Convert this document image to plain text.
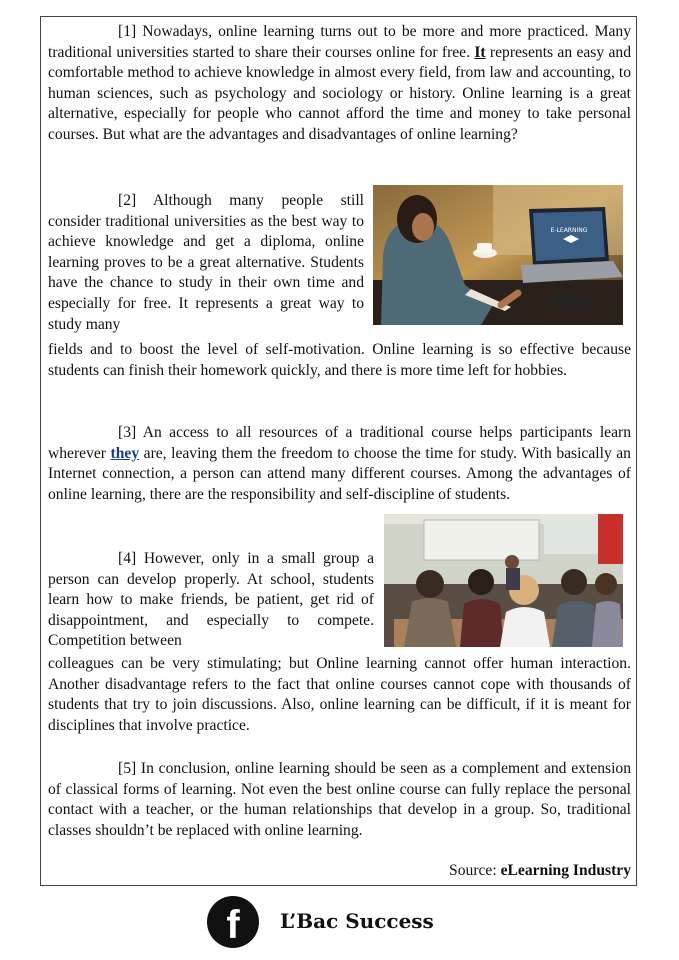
[1] Nowadays, online learning turns out to be more and more practiced. Many traditional universities started to share their courses online for free. It represents an easy and comfortable method to achieve knowledge in almost every field, from law and accounting, to human sciences, such as psychology and sociology or history. Online learning is a great alternative, especially for people who cannot afford the time and money to take personal courses. But what are the advantages and disadvantages of online learning?

[2] Although many people still consider traditional universities as the best way to achieve knowledge and get a diploma, online learning proves to be a great alternative. Students have the chance to study in their own time and especially for free. It represents a great way to study many

E-LEARNING

fields and to boost the level of self-motivation. Online learning is so effective because students can finish their homework quickly, and there is more time left for hobbies.

[3] An access to all resources of a traditional course helps participants learn wherever they are, leaving them the freedom to choose the time for study. With basically an Internet connection, a person can attend many different courses. Among the advantages of online learning, there are the responsibility and self-discipline of students.

[4] However, only in a small group a person can develop properly. At school, students learn how to make friends, be patient, get rid of disappointment, and especially to compete. Competition between

colleagues can be very stimulating; but Online learning cannot offer human interaction. Another disadvantage refers to the fact that online courses cannot cope with thousands of students that try to join discussions. Also, online learning can be difficult, if it is meant for disciplines that involve practice.

[5] In conclusion, online learning should be seen as a complement and extension of classical forms of learning. Not even the best online course can fully replace the personal contact with a teacher, or the human relationships that develop in a group. So, traditional classes shouldn’t be replaced with online learning.

Source: eLearning Industry
f	L’Bac Success
